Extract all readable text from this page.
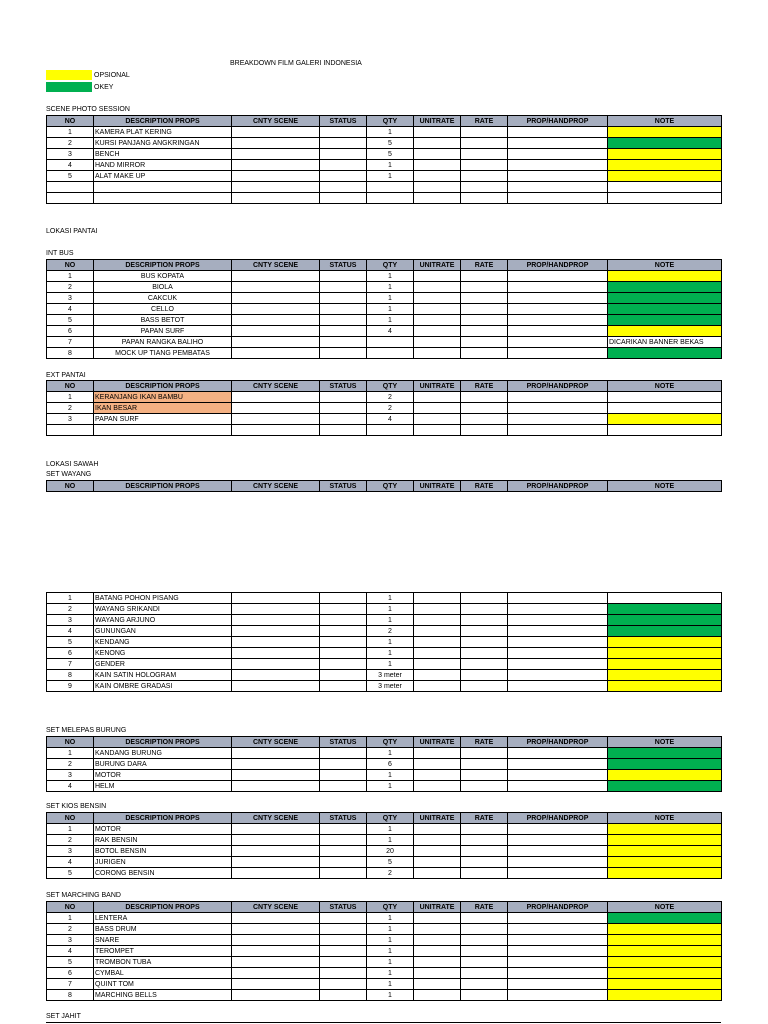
BREAKDOWN FILM GALERI INDONESIA
OPSIONAL
OKEY
SCENE PHOTO SESSION
LOKASI PANTAI
INT BUS
EXT PANTAI
LOKASI SAWAH
SET WAYANG
SET MELEPAS BURUNG
SET KIOS BENSIN
SET MARCHING BAND
SET JAHIT
NO	DESCRIPTION PROPS	CNTY SCENE	STATUS	QTY	UNITRATE	RATE	PROP/HANDPROP	NOTE
1	KAMERA PLAT KERING			1				
2	KURSI PANJANG ANGKRINGAN			5				
3	BENCH			5				
4	HAND MIRROR			1				
5	ALAT MAKE UP			1				

NO	DESCRIPTION PROPS	CNTY SCENE	STATUS	QTY	UNITRATE	RATE	PROP/HANDPROP	NOTE
1	BUS KOPATA			1				
2	BIOLA			1				
3	CAKCUK			1				
4	CELLO			1				
5	BASS BETOT			1				
6	PAPAN SURF			4				
7	PAPAN RANGKA BALIHO							DICARIKAN BANNER BEKAS
8	MOCK UP TIANG PEMBATAS							
NO	DESCRIPTION PROPS	CNTY SCENE	STATUS	QTY	UNITRATE	RATE	PROP/HANDPROP	NOTE
1	KERANJANG IKAN BAMBU			2				
2	IKAN BESAR			2				
3	PAPAN SURF			4				

NO	DESCRIPTION PROPS	CNTY SCENE	STATUS	QTY	UNITRATE	RATE	PROP/HANDPROP	NOTE
1	BATANG POHON PISANG			1				
2	WAYANG SRIKANDI			1				
3	WAYANG ARJUNO			1				
4	GUNUNGAN			2				
5	KENDANG			1				
6	KENONG			1				
7	GENDER			1				
8	KAIN SATIN HOLOGRAM			3 meter				
9	KAIN OMBRE GRADASI			3 meter				
NO	DESCRIPTION PROPS	CNTY SCENE	STATUS	QTY	UNITRATE	RATE	PROP/HANDPROP	NOTE
1	KANDANG BURUNG			1				
2	BURUNG DARA			6				
3	MOTOR			1				
4	HELM			1				
NO	DESCRIPTION PROPS	CNTY SCENE	STATUS	QTY	UNITRATE	RATE	PROP/HANDPROP	NOTE
1	MOTOR			1				
2	RAK BENSIN			1				
3	BOTOL BENSIN			20				
4	JURIGEN			5				
5	CORONG BENSIN			2				
NO	DESCRIPTION PROPS	CNTY SCENE	STATUS	QTY	UNITRATE	RATE	PROP/HANDPROP	NOTE
1	LENTERA			1				
2	BASS DRUM			1				
3	SNARE			1				
4	TEROMPET			1				
5	TROMBON TUBA			1				
6	CYMBAL			1				
7	QUINT TOM			1				
8	MARCHING BELLS			1				
